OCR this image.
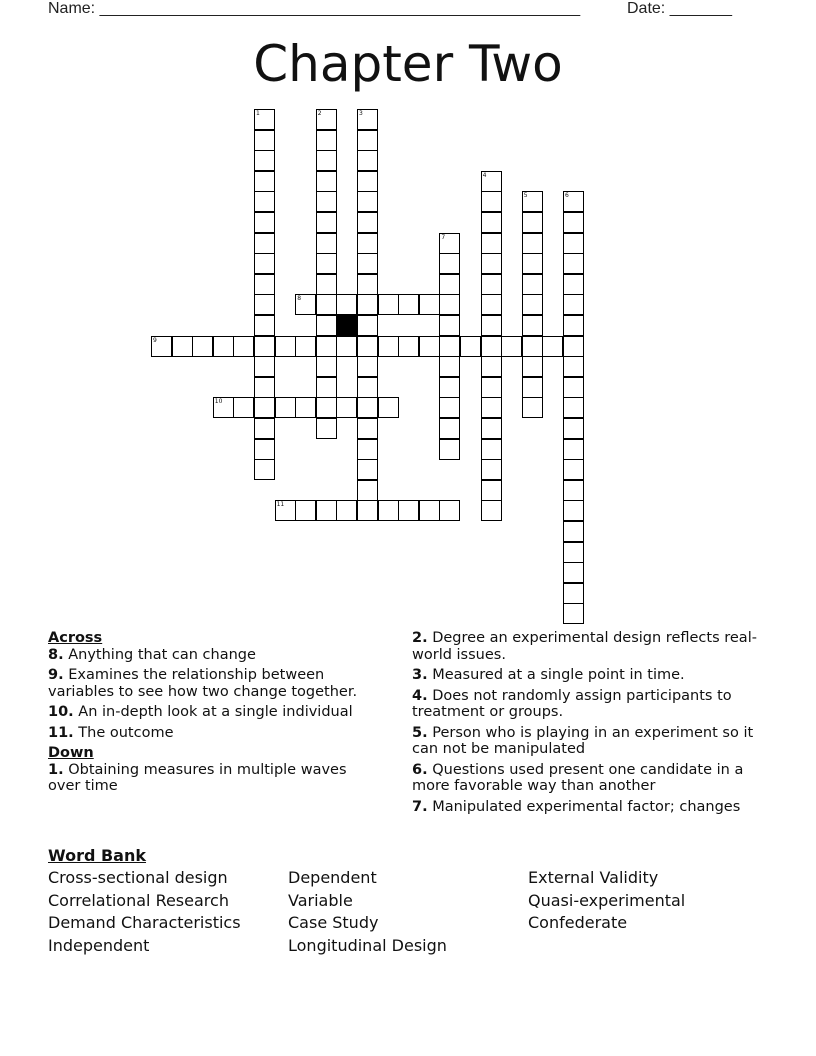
Name: ______________________________________________________	Date: _______
Chapter Two
1	2	3
4
5	6
7
8
9
10
11
Across
8. Anything that can change
9. Examines the relationship between variables to see how two change together.
10. An in-depth look at a single individual
11. The outcome
Down
1. Obtaining measures in multiple waves over time
2. Degree an experimental design reflects real-world issues.
3. Measured at a single point in time.
4. Does not randomly assign participants to treatment or groups.
5. Person who is playing in an experiment so it can not be manipulated
6. Questions used present one candidate in a more favorable way than another
7. Manipulated experimental factor; changes
Word Bank
Cross-sectional design
Correlational Research
Demand Characteristics
Independent
Dependent
Variable
Case Study
Longitudinal Design
External Validity
Quasi-experimental
Confederate
